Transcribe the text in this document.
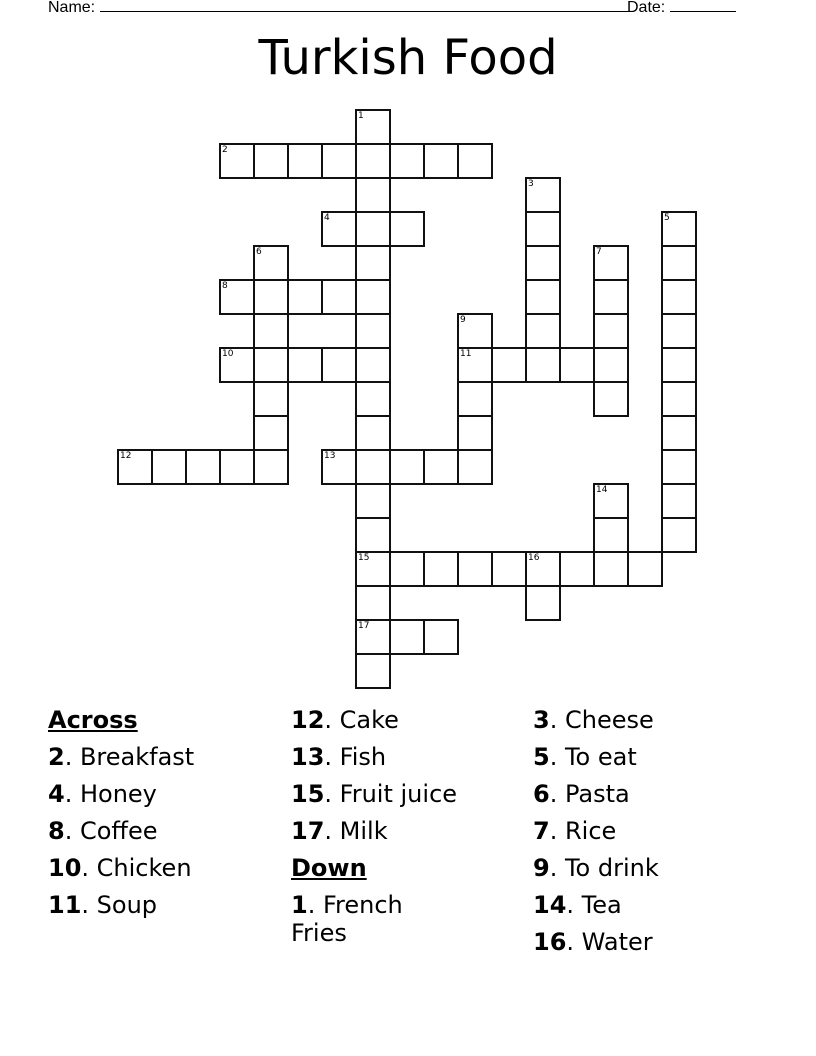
Name:	Date:
Turkish Food
1
15
17
2
3
4	5
6	7
8
9
11
10
12	13
14
16
Across
2. Breakfast
4. Honey
8. Coffee
10. Chicken
11. Soup
12. Cake
13. Fish
15. Fruit juice
17. Milk
Down
1. French Fries
3. Cheese
5. To eat
6. Pasta
7. Rice
9. To drink
14. Tea
16. Water
